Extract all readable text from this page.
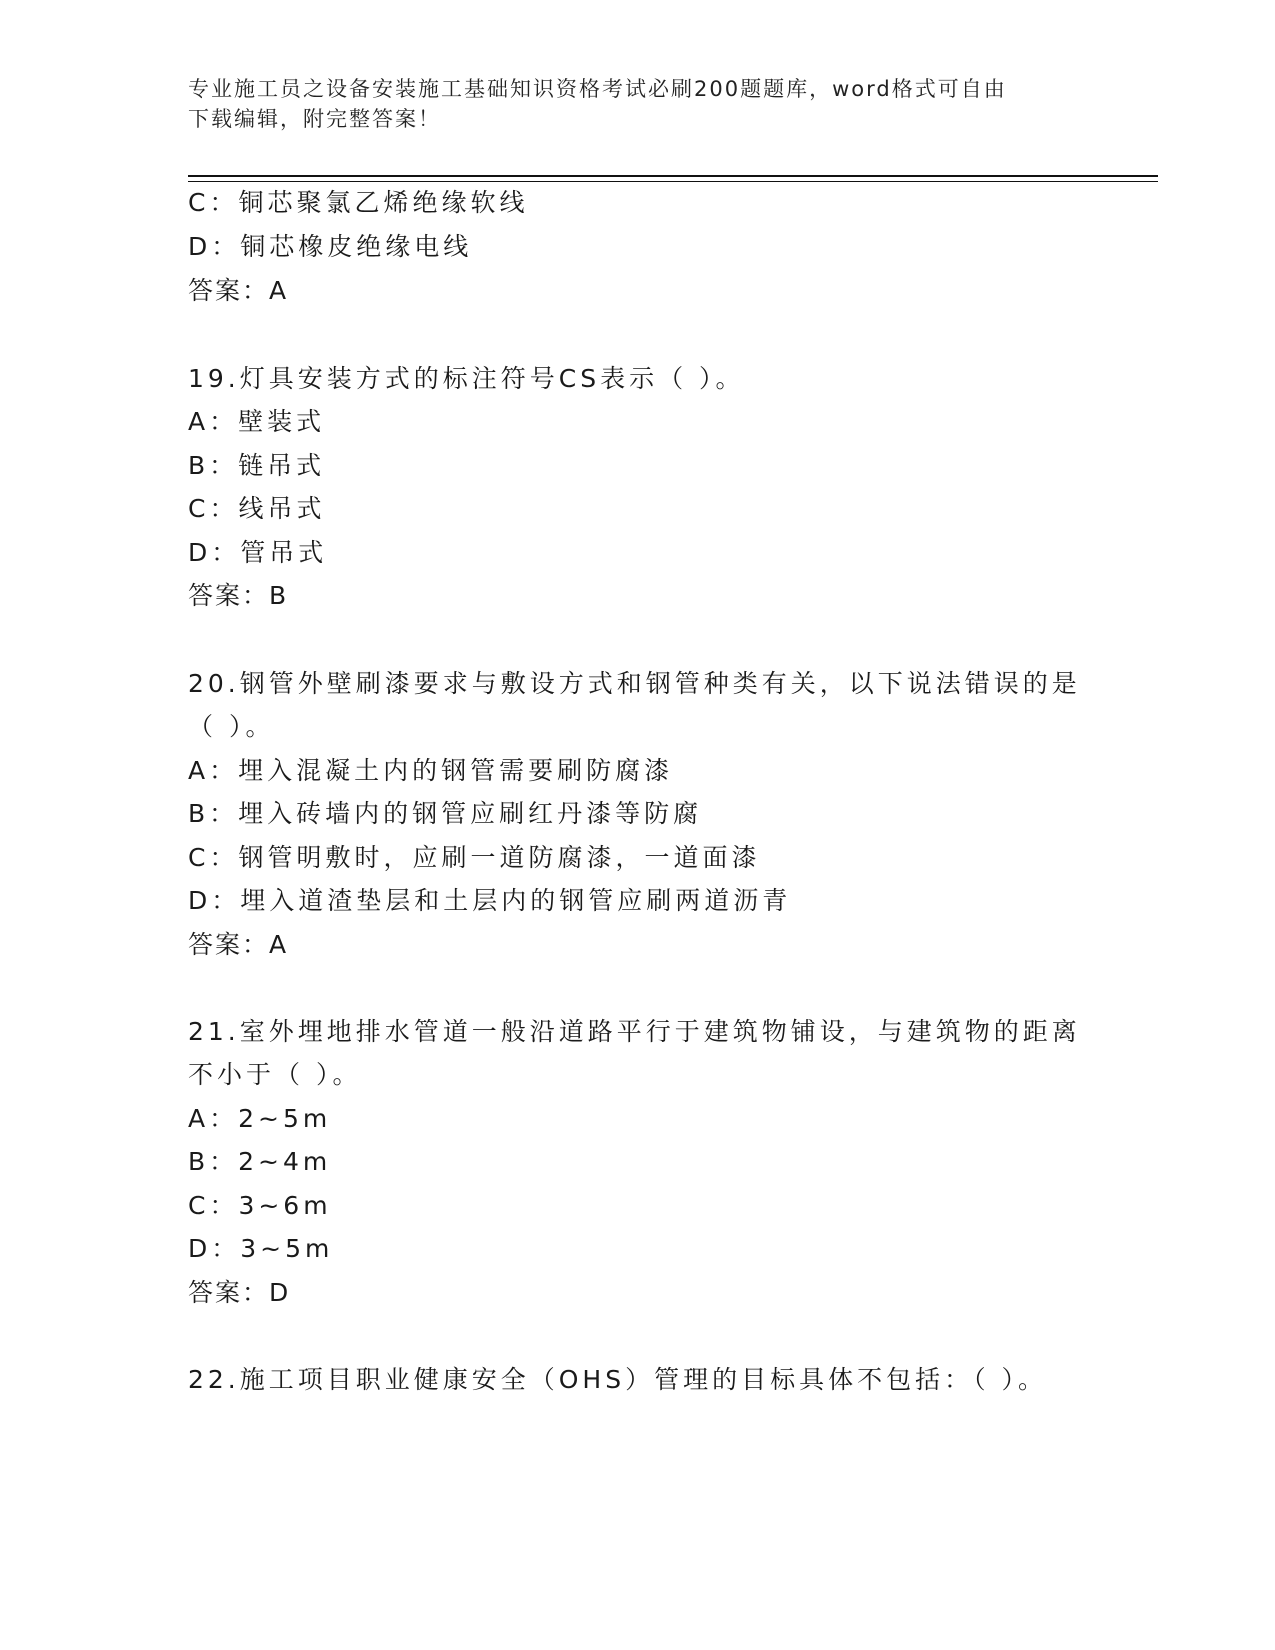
专业施工员之设备安装施工基础知识资格考试必刷200题题库，word格式可自由
下载编辑，附完整答案！
C：铜芯聚氯乙烯绝缘软线
D：铜芯橡皮绝缘电线
答案：A
19.灯具安装方式的标注符号CS表示（ ）。
A：壁装式
B：链吊式
C：线吊式
D：管吊式
答案：B
20.钢管外壁刷漆要求与敷设方式和钢管种类有关，以下说法错误的是
（ ）。
A：埋入混凝土内的钢管需要刷防腐漆
B：埋入砖墙内的钢管应刷红丹漆等防腐
C：钢管明敷时，应刷一道防腐漆，一道面漆
D：埋入道渣垫层和土层内的钢管应刷两道沥青
答案：A
21.室外埋地排水管道一般沿道路平行于建筑物铺设，与建筑物的距离
不小于（ ）。
A：2~5m
B：2~4m
C：3~6m
D：3~5m
答案：D
22.施工项目职业健康安全（OHS）管理的目标具体不包括：（ ）。
